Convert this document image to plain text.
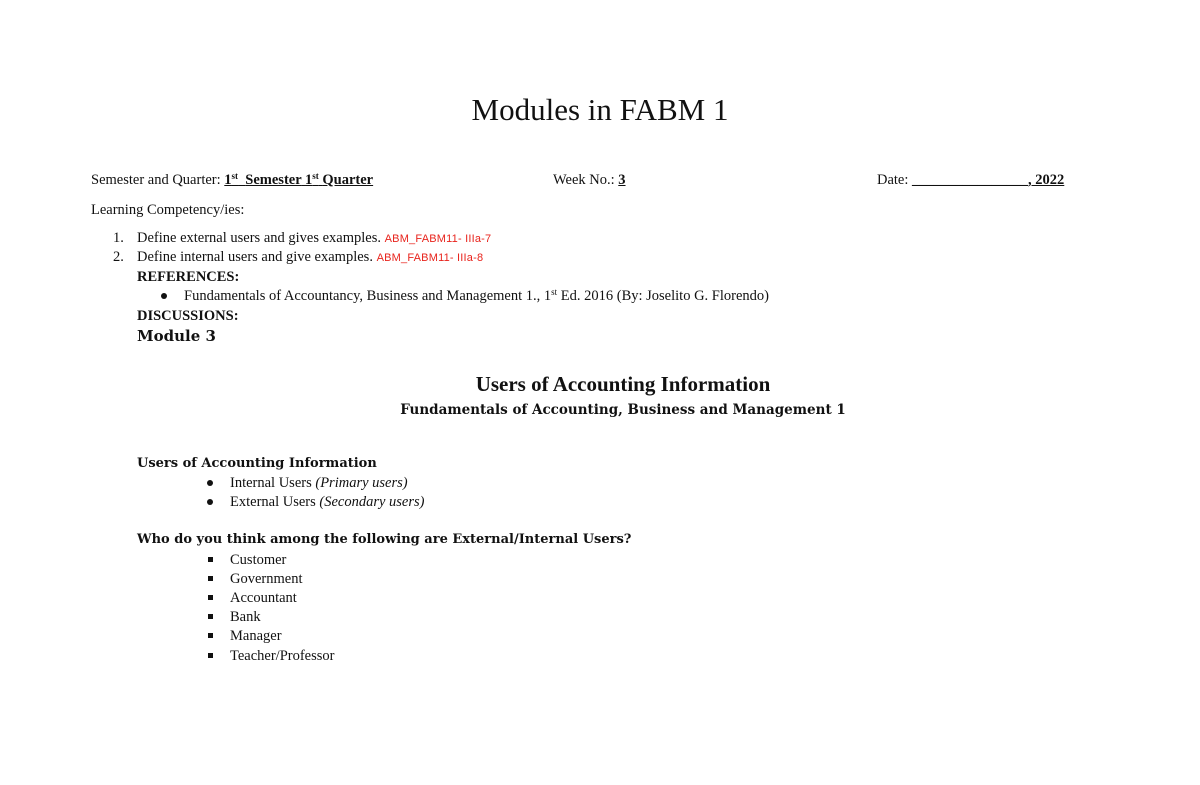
Modules in FABM 1
Semester and Quarter: 1st Semester 1st Quarter	Week No.: 3	Date: ________________, 2022
Learning Competency/ies:
1. Define external users and gives examples. ABM_FABM11- IIIa-7
2. Define internal users and give examples. ABM_FABM11- IIIa-8
REFERENCES:
Fundamentals of Accountancy, Business and Management 1., 1st Ed. 2016 (By: Joselito G. Florendo)
DISCUSSIONS:
Module 3
Users of Accounting Information
Fundamentals of Accounting, Business and Management 1
Users of Accounting Information
Internal Users (Primary users)
External Users (Secondary users)
Who do you think among the following are External/Internal Users?
Customer
Government
Accountant
Bank
Manager
Teacher/Professor
